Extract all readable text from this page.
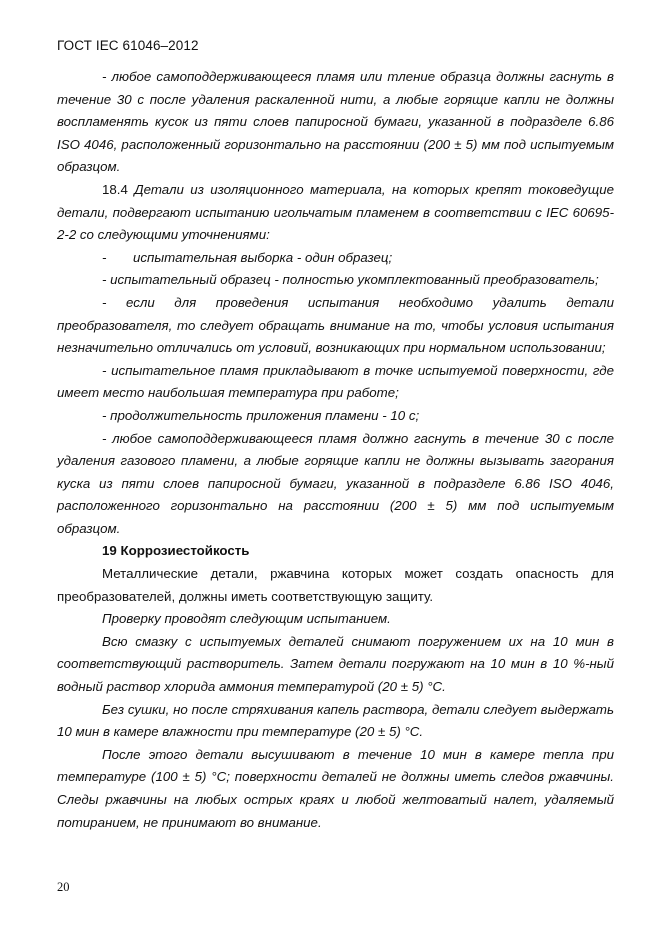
ГОСТ IEC 61046–2012

- любое самоподдерживающееся пламя или тление образца должны гаснуть в течение 30 с после удаления раскаленной нити, а любые горящие капли не должны воспламенять кусок из пяти слоев папиросной бумаги, указанной в подразделе 6.86 ISO 4046, расположенный горизонтально на расстоянии (200 ± 5) мм под испытуемым образцом.

18.4 Детали из изоляционного материала, на которых крепят токоведущие детали, подвергают испытанию игольчатым пламенем в соответствии с IEC 60695-2-2 со следующими уточнениями:

-	испытательная выборка - один образец;

- испытательный образец - полностью укомплектованный преобразователь;

- если для проведения испытания необходимо удалить детали

преобразователя, то следует обращать внимание на то, чтобы условия испытания незначительно отличались от условий, возникающих при нормальном использовании;

- испытательное пламя прикладывают в точке испытуемой поверхности, где имеет место наибольшая температура при работе;

- продолжительность приложения пламени - 10 с;

- любое самоподдерживающееся пламя должно гаснуть в течение 30 с после удаления газового пламени, а любые горящие капли не должны вызывать загорания куска из пяти слоев папиросной бумаги, указанной в подразделе 6.86 ISO 4046, расположенного горизонтально на расстоянии (200 ± 5) мм под испытуемым образцом.

19 Коррозиестойкость

Металлические детали, ржавчина которых может создать опасность для преобразователей, должны иметь соответствующую защиту.

Проверку проводят следующим испытанием.

Всю смазку с испытуемых деталей снимают погружением их на 10 мин в соответствующий растворитель. Затем детали погружают на 10 мин в 10 %-ный водный раствор хлорида аммония температурой (20 ± 5) °C.

Без сушки, но после стряхивания капель раствора, детали следует выдержать 10 мин в камере влажности при температуре (20 ± 5) °C.

После этого детали высушивают в течение 10 мин в камере тепла при температуре (100 ± 5) °C; поверхности деталей не должны иметь следов ржавчины. Следы ржавчины на любых острых краях и любой желтоватый налет, удаляемый потиранием, не принимают во внимание.

20
